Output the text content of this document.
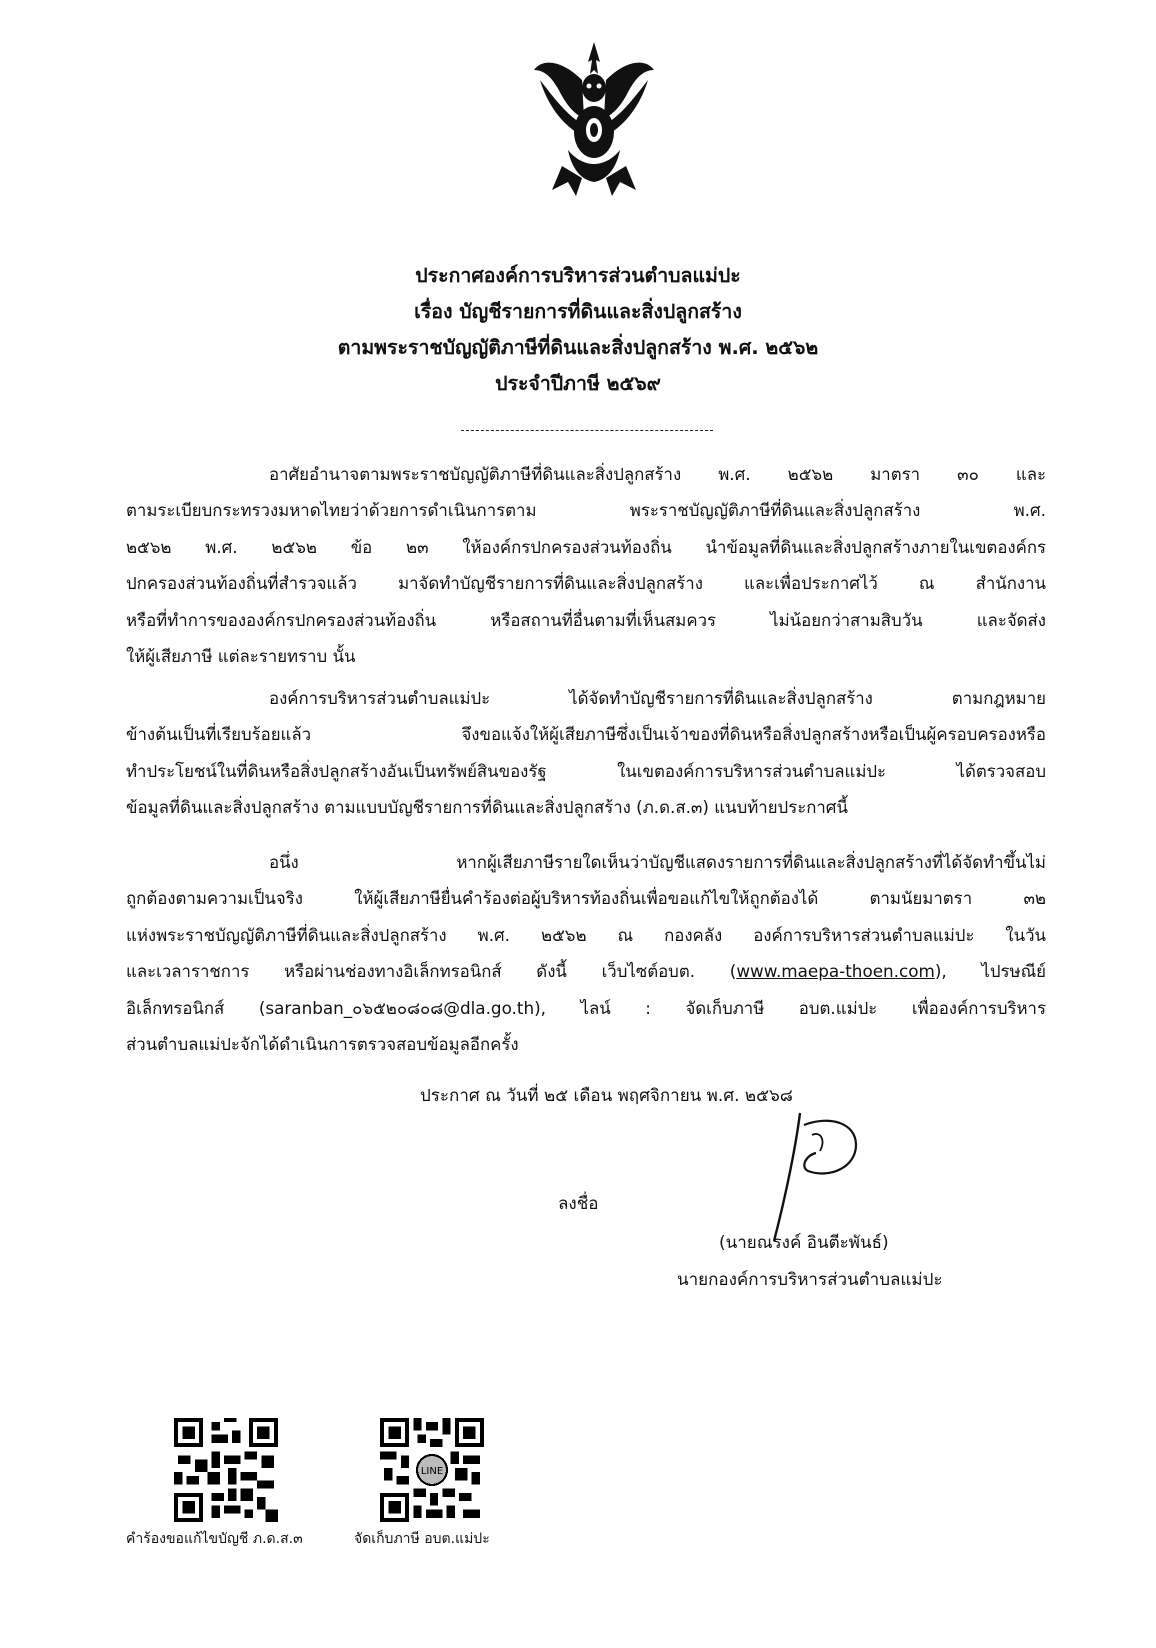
ประกาศองค์การบริหารส่วนตำบลแม่ปะ
เรื่อง บัญชีรายการที่ดินและสิ่งปลูกสร้าง
ตามพระราชบัญญัติภาษีที่ดินและสิ่งปลูกสร้าง พ.ศ. ๒๕๖๒
ประจำปีภาษี ๒๕๖๙
อาศัยอำนาจตามพระราชบัญญัติภาษีที่ดินและสิ่งปลูกสร้าง พ.ศ. ๒๕๖๒ มาตรา ๓๐ และ
ตามระเบียบกระทรวงมหาดไทยว่าด้วยการดำเนินการตาม พระราชบัญญัติภาษีที่ดินและสิ่งปลูกสร้าง พ.ศ.
๒๕๖๒ พ.ศ. ๒๕๖๒ ข้อ ๒๓ ให้องค์กรปกครองส่วนท้องถิ่น นำข้อมูลที่ดินและสิ่งปลูกสร้างภายในเขตองค์กร
ปกครองส่วนท้องถิ่นที่สำรวจแล้ว มาจัดทำบัญชีรายการที่ดินและสิ่งปลูกสร้าง และเพื่อประกาศไว้ ณ สำนักงาน
หรือที่ทำการขององค์กรปกครองส่วนท้องถิ่น หรือสถานที่อื่นตามที่เห็นสมควร ไม่น้อยกว่าสามสิบวัน และจัดส่ง
ให้ผู้เสียภาษี แต่ละรายทราบ นั้น
องค์การบริหารส่วนตำบลแม่ปะ ได้จัดทำบัญชีรายการที่ดินและสิ่งปลูกสร้าง ตามกฎหมาย
ข้างต้นเป็นที่เรียบร้อยแล้ว จึงขอแจ้งให้ผู้เสียภาษีซึ่งเป็นเจ้าของที่ดินหรือสิ่งปลูกสร้างหรือเป็นผู้ครอบครองหรือ
ทำประโยชน์ในที่ดินหรือสิ่งปลูกสร้างอันเป็นทรัพย์สินของรัฐ ในเขตองค์การบริหารส่วนตำบลแม่ปะ ได้ตรวจสอบ
ข้อมูลที่ดินและสิ่งปลูกสร้าง ตามแบบบัญชีรายการที่ดินและสิ่งปลูกสร้าง (ภ.ด.ส.๓) แนบท้ายประกาศนี้
อนึ่ง หากผู้เสียภาษีรายใดเห็นว่าบัญชีแสดงรายการที่ดินและสิ่งปลูกสร้างที่ได้จัดทำขึ้นไม่
ถูกต้องตามความเป็นจริง ให้ผู้เสียภาษียื่นคำร้องต่อผู้บริหารท้องถิ่นเพื่อขอแก้ไขให้ถูกต้องได้ ตามนัยมาตรา ๓๒
แห่งพระราชบัญญัติภาษีที่ดินและสิ่งปลูกสร้าง พ.ศ. ๒๕๖๒ ณ กองคลัง องค์การบริหารส่วนตำบลแม่ปะ ในวัน
และเวลาราชการ หรือผ่านช่องทางอิเล็กทรอนิกส์ ดังนี้ เว็บไซต์อบต. (www.maepa-thoen.com), ไปรษณีย์
อิเล็กทรอนิกส์ (saranban_๐๖๕๒๐๘๐๘@dla.go.th), ไลน์ : จัดเก็บภาษี อบต.แม่ปะ เพื่อองค์การบริหาร
ส่วนตำบลแม่ปะจักได้ดำเนินการตรวจสอบข้อมูลอีกครั้ง
ประกาศ ณ วันที่ ๒๕ เดือน พฤศจิกายน พ.ศ. ๒๕๖๘
ลงชื่อ
(นายณรงค์ อินตีะพันธ์)
นายกองค์การบริหารส่วนตำบลแม่ปะ
LINE
คำร้องขอแก้ไขบัญชี ภ.ด.ส.๓	จัดเก็บภาษี อบต.แม่ปะ
